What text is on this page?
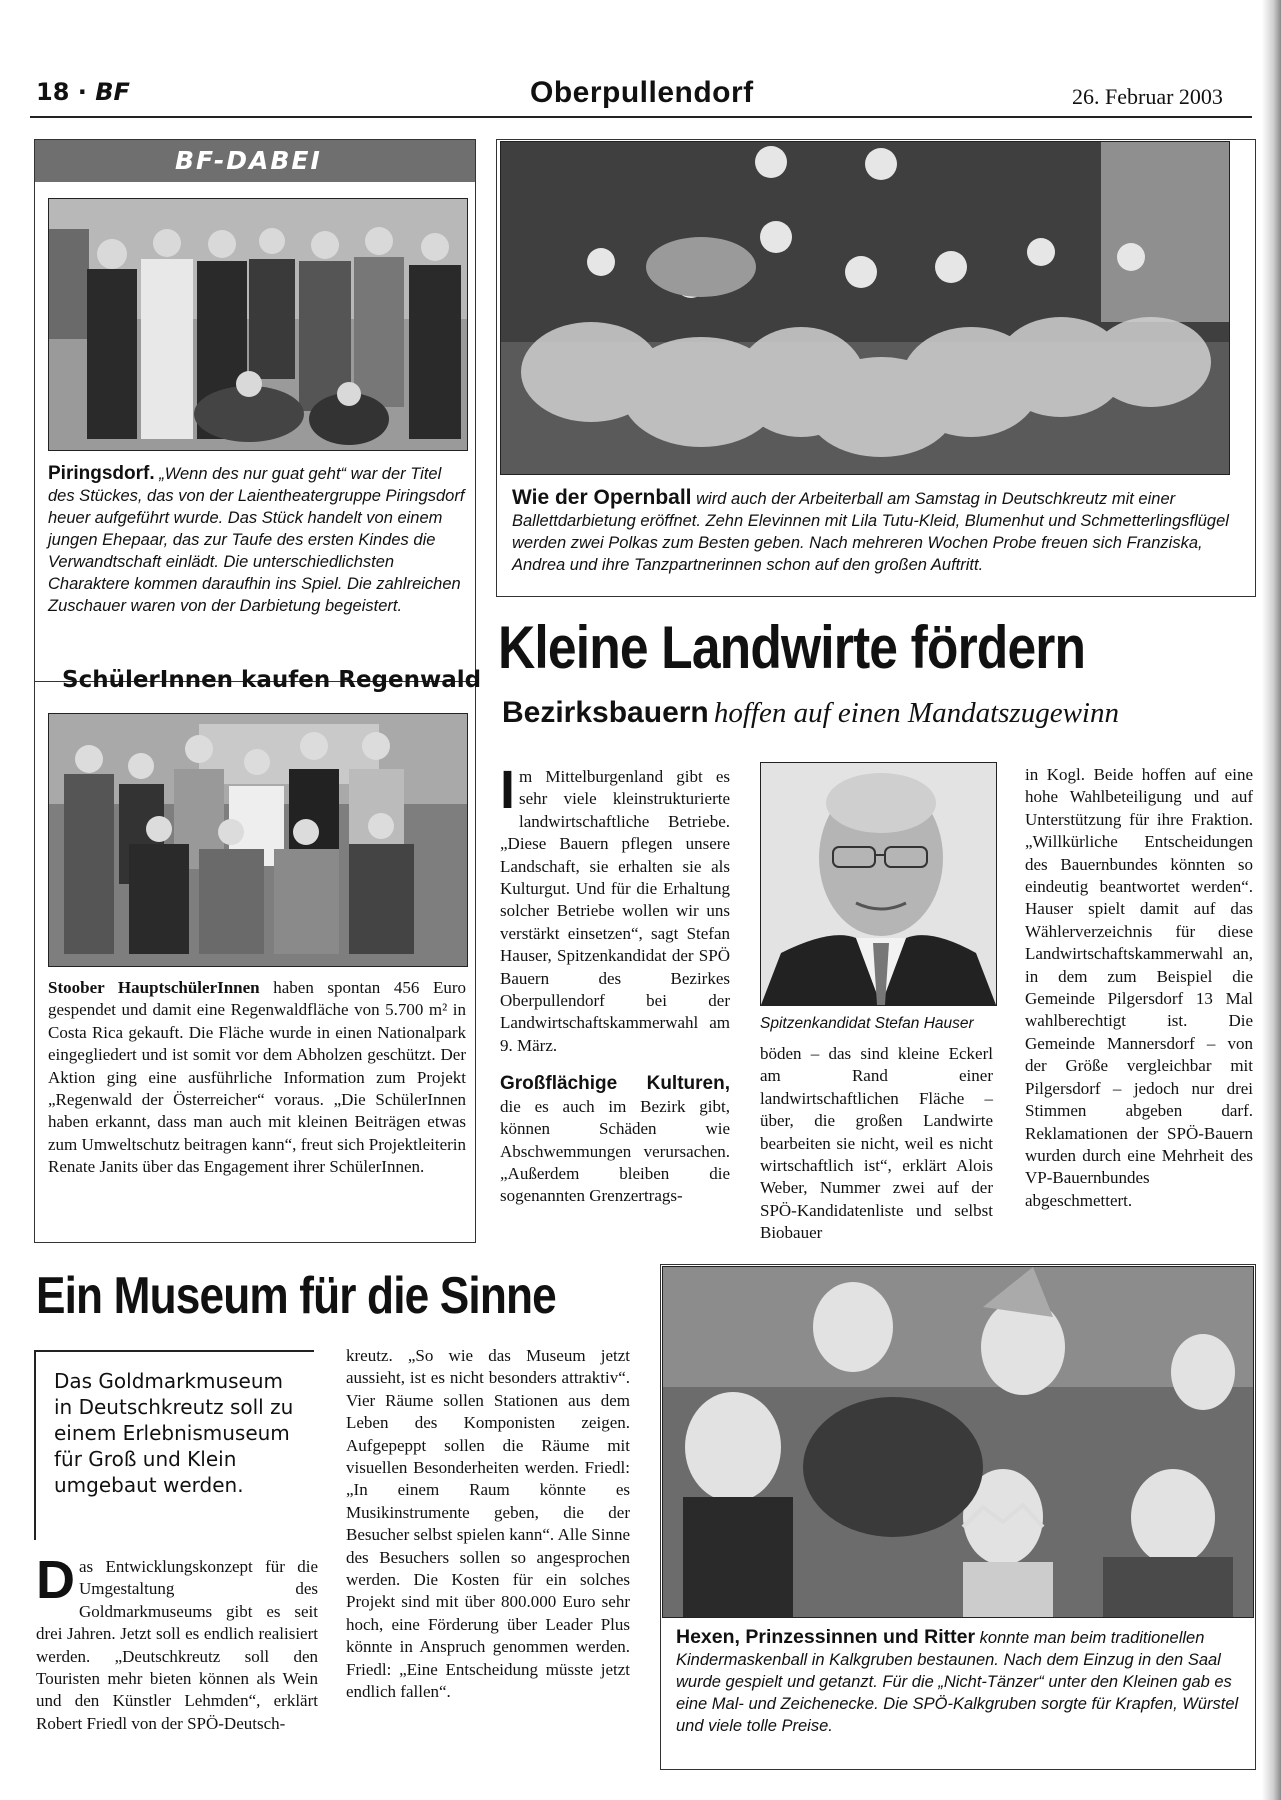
18 · BF	Oberpullendorf	26. Februar 2003
BF-DABEI
Piringsdorf. „Wenn des nur guat geht“ war der Titel des Stückes, das von der Laientheatergruppe Piringsdorf heuer aufgeführt wurde. Das Stück handelt von einem jungen Ehepaar, das zur Taufe des ersten Kindes die Verwandtschaft einlädt. Die unterschiedlichsten Charaktere kommen daraufhin ins Spiel. Die zahlreichen Zuschauer waren von der Darbietung begeistert.
SchülerInnen kaufen Regenwald
Stoober HauptschülerInnen haben spontan 456 Euro gespendet und damit eine Regenwaldfläche von 5.700 m² in Costa Rica gekauft. Die Fläche wurde in einen Nationalpark eingegliedert und ist somit vor dem Abholzen geschützt. Der Aktion ging eine ausführliche Information zum Projekt „Regenwald der Österreicher“ voraus. „Die SchülerInnen haben erkannt, dass man auch mit kleinen Beiträgen etwas zum Umweltschutz beitragen kann“, freut sich Projektleiterin Renate Janits über das Engagement ihrer SchülerInnen.
Wie der Opernball wird auch der Arbeiterball am Samstag in Deutschkreutz mit einer Ballettdarbietung eröffnet. Zehn Elevinnen mit Lila Tutu-Kleid, Blumenhut und Schmetterlingsflügel werden zwei Polkas zum Besten geben. Nach mehreren Wochen Probe freuen sich Franziska, Andrea und ihre Tanzpartnerinnen schon auf den großen Auftritt.
Kleine Landwirte fördern
Bezirksbauern hoffen auf einen Mandatszugewinn
I m Mittelburgenland gibt es sehr viele kleinstrukturierte landwirtschaftliche Betriebe. „Diese Bauern pflegen unsere Landschaft, sie erhalten sie als Kulturgut. Und für die Erhaltung solcher Betriebe wollen wir uns verstärkt einsetzen“, sagt Stefan Hauser, Spitzenkandidat der SPÖ Bauern des Bezirkes Oberpullendorf bei der Landwirtschaftskammerwahl am 9. März.

Großflächige Kulturen, die es auch im Bezirk gibt, können Schäden wie Abschwemmungen verursachen. „Außerdem bleiben die sogenannten Grenzertrags-

Spitzenkandidat Stefan Hauser
böden – das sind kleine Eckerl am Rand einer landwirtschaftlichen Fläche – über, die großen Landwirte bearbeiten sie nicht, weil es nicht wirtschaftlich ist“, erklärt Alois Weber, Nummer zwei auf der SPÖ-Kandidatenliste und selbst Biobauer
in Kogl. Beide hoffen auf eine hohe Wahlbeteiligung und auf Unterstützung für ihre Fraktion. „Willkürliche Entscheidungen des Bauernbundes könnten so eindeutig beantwortet werden“. Hauser spielt damit auf das Wählerverzeichnis für diese Landwirtschaftskammerwahl an, in dem zum Beispiel die Gemeinde Pilgersdorf 13 Mal wahlberechtigt ist. Die Gemeinde Mannersdorf – von der Größe vergleichbar mit Pilgersdorf – jedoch nur drei Stimmen abgeben darf. Reklamationen der SPÖ-Bauern wurden durch eine Mehrheit des VP-Bauernbundes abgeschmettert.
Ein Museum für die Sinne
Das Goldmarkmuseum in Deutschkreutz soll zu einem Erlebnismuseum für Groß und Klein umgebaut werden.
D as Entwicklungskonzept für die Umgestaltung des Goldmarkmuseums gibt es seit drei Jahren. Jetzt soll es endlich realisiert werden. „Deutschkreutz soll den Touristen mehr bieten können als Wein und den Künstler Lehmden“, erklärt Robert Friedl von der SPÖ-Deutsch-
kreutz. „So wie das Museum jetzt aussieht, ist es nicht besonders attraktiv“. Vier Räume sollen Stationen aus dem Leben des Komponisten zeigen. Aufgepeppt sollen die Räume mit visuellen Besonderheiten werden. Friedl: „In einem Raum könnte es Musikinstrumente geben, die der Besucher selbst spielen kann“. Alle Sinne des Besuchers sollen so angesprochen werden. Die Kosten für ein solches Projekt sind mit über 800.000 Euro sehr hoch, eine Förderung über Leader Plus könnte in Anspruch genommen werden. Friedl: „Eine Entscheidung müsste jetzt endlich fallen“.
Hexen, Prinzessinnen und Ritter konnte man beim traditionellen Kindermaskenball in Kalkgruben bestaunen. Nach dem Einzug in den Saal wurde gespielt und getanzt. Für die „Nicht-Tänzer“ unter den Kleinen gab es eine Mal- und Zeichenecke. Die SPÖ-Kalkgruben sorgte für Krapfen, Würstel und viele tolle Preise.
